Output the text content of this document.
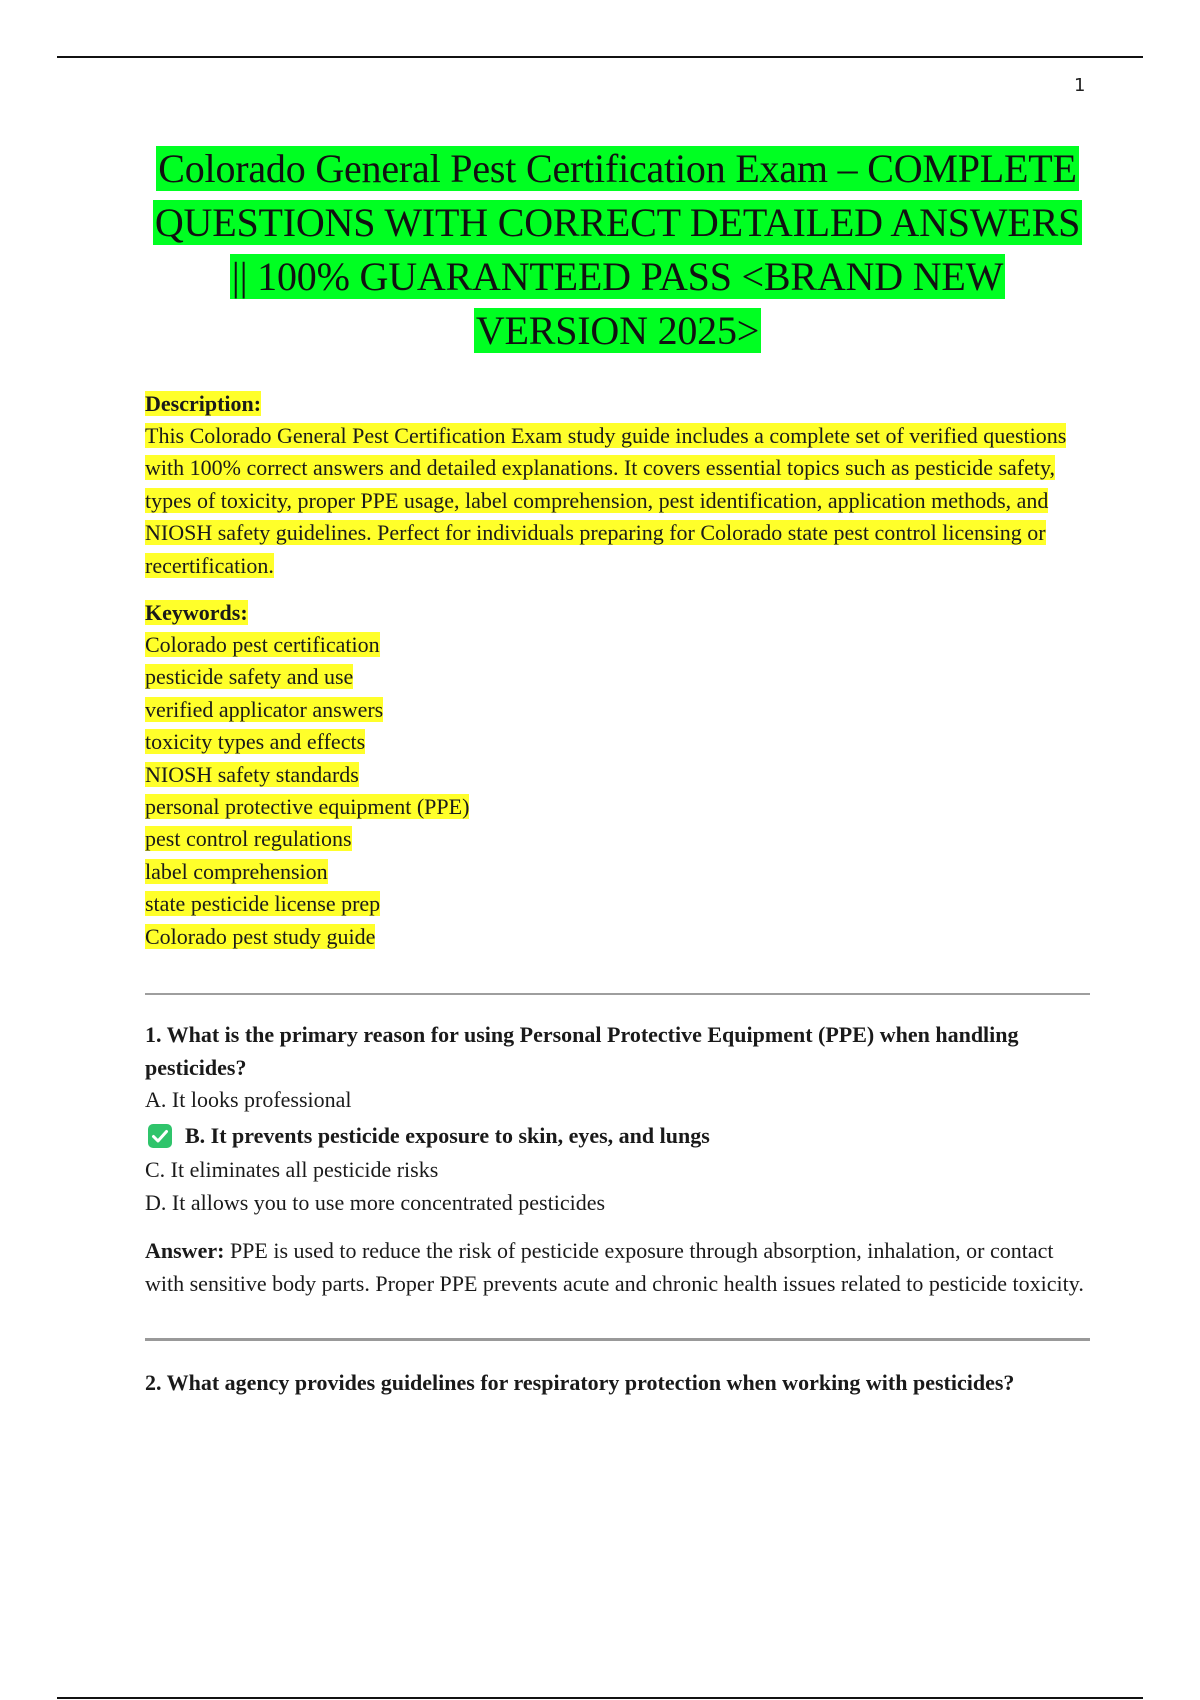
1
Colorado General Pest Certification Exam – COMPLETE QUESTIONS WITH CORRECT DETAILED ANSWERS || 100% GUARANTEED PASS <BRAND NEW VERSION 2025>

Description:

This Colorado General Pest Certification Exam study guide includes a complete set of verified questions with 100% correct answers and detailed explanations. It covers essential topics such as pesticide safety, types of toxicity, proper PPE usage, label comprehension, pest identification, application methods, and NIOSH safety guidelines. Perfect for individuals preparing for Colorado state pest control licensing or recertification.

Keywords:

Colorado pest certification
pesticide safety and use
verified applicator answers
toxicity types and effects
NIOSH safety standards
personal protective equipment (PPE)
pest control regulations
label comprehension
state pesticide license prep
Colorado pest study guide

1. What is the primary reason for using Personal Protective Equipment (PPE) when handling pesticides?

A. It looks professional
B. It prevents pesticide exposure to skin, eyes, and lungs
C. It eliminates all pesticide risks
D. It allows you to use more concentrated pesticides

Answer: PPE is used to reduce the risk of pesticide exposure through absorption, inhalation, or contact with sensitive body parts. Proper PPE prevents acute and chronic health issues related to pesticide toxicity.

2. What agency provides guidelines for respiratory protection when working with pesticides?
